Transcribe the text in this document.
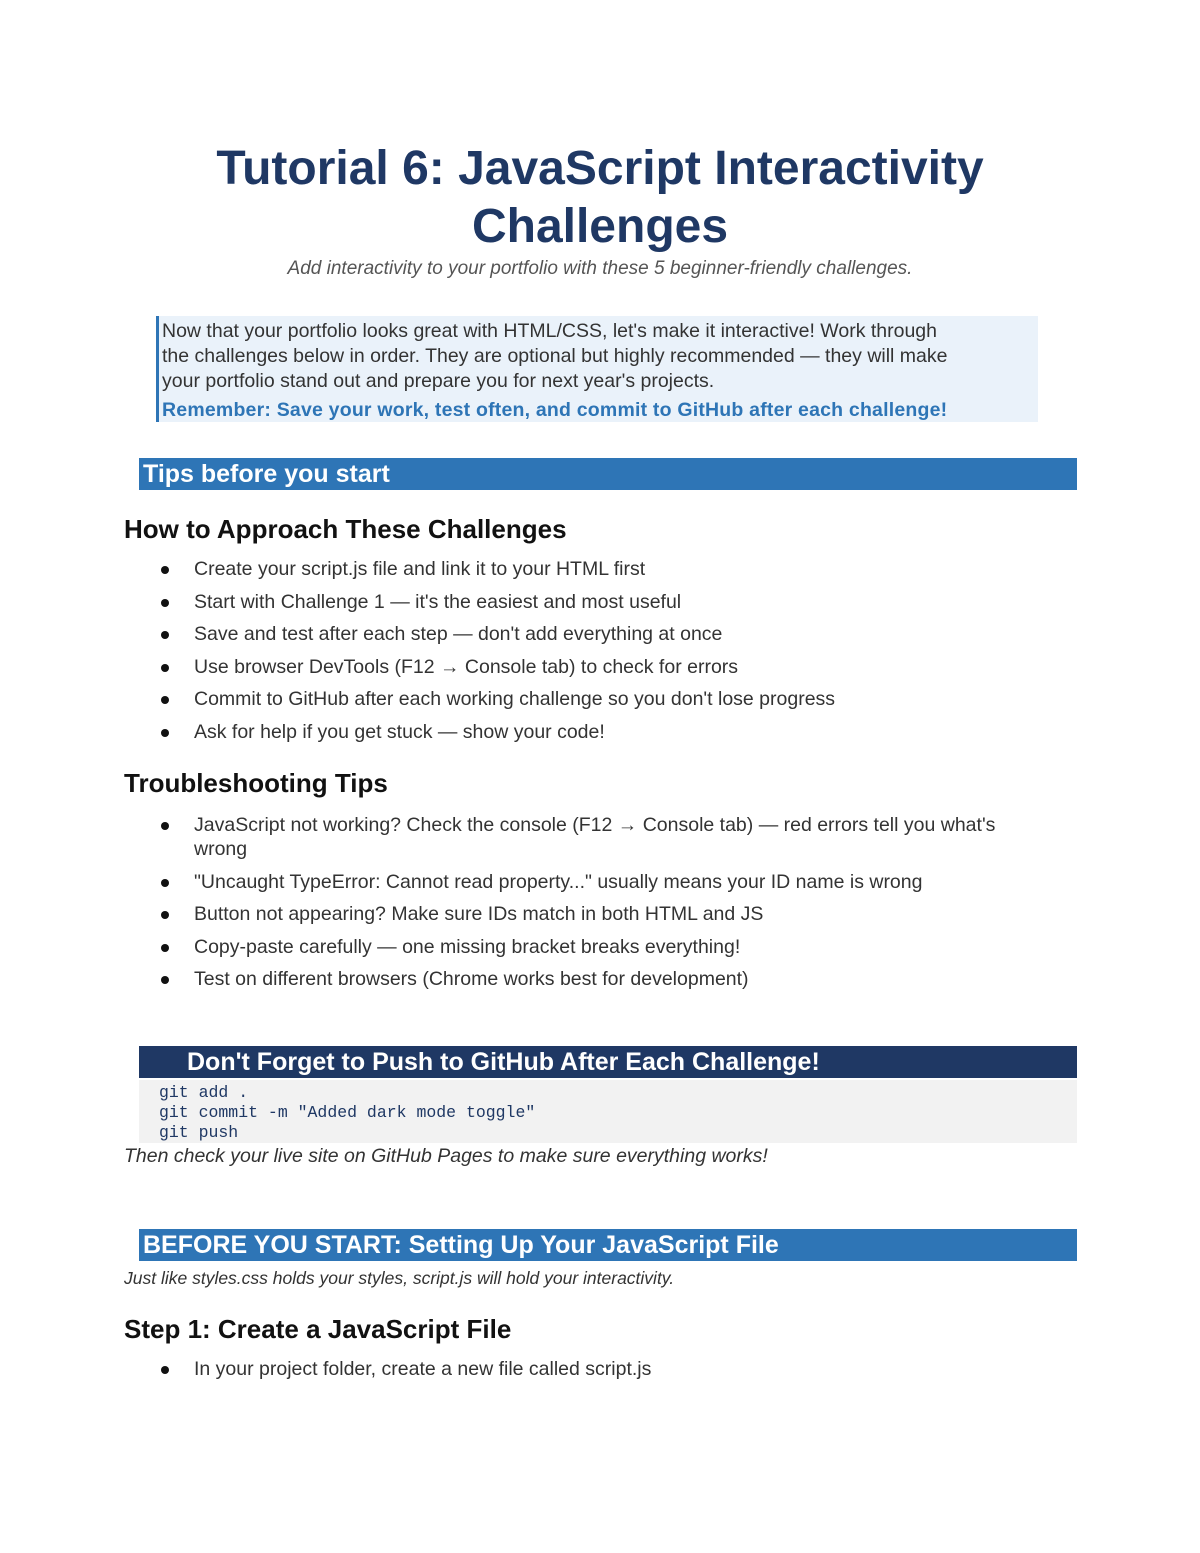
Tutorial 6: JavaScript Interactivity
Challenges

Add interactivity to your portfolio with these 5 beginner-friendly challenges.

Now that your portfolio looks great with HTML/CSS, let's make it interactive! Work through

the challenges below in order. They are optional but highly recommended — they will make

your portfolio stand out and prepare you for next year's projects.

Remember: Save your work, test often, and commit to GitHub after each challenge!
Tips before you start
How to Approach These Challenges
Create your script.js file and link it to your HTML first
Start with Challenge 1 — it's the easiest and most useful
Save and test after each step — don't add everything at once
Use browser DevTools (F12 → Console tab) to check for errors
Commit to GitHub after each working challenge so you don't lose progress
Ask for help if you get stuck — show your code!
Troubleshooting Tips
JavaScript not working? Check the console (F12 → Console tab) — red errors tell you what's wrong
"Uncaught TypeError: Cannot read property..." usually means your ID name is wrong
Button not appearing? Make sure IDs match in both HTML and JS
Copy-paste carefully — one missing bracket breaks everything!
Test on different browsers (Chrome works best for development)
Don't Forget to Push to GitHub After Each Challenge!
git add .
git commit -m "Added dark mode toggle"
git push

Then check your live site on GitHub Pages to make sure everything works!

BEFORE YOU START: Setting Up Your JavaScript File

Just like styles.css holds your styles, script.js will hold your interactivity.

Step 1: Create a JavaScript File
In your project folder, create a new file called script.js
